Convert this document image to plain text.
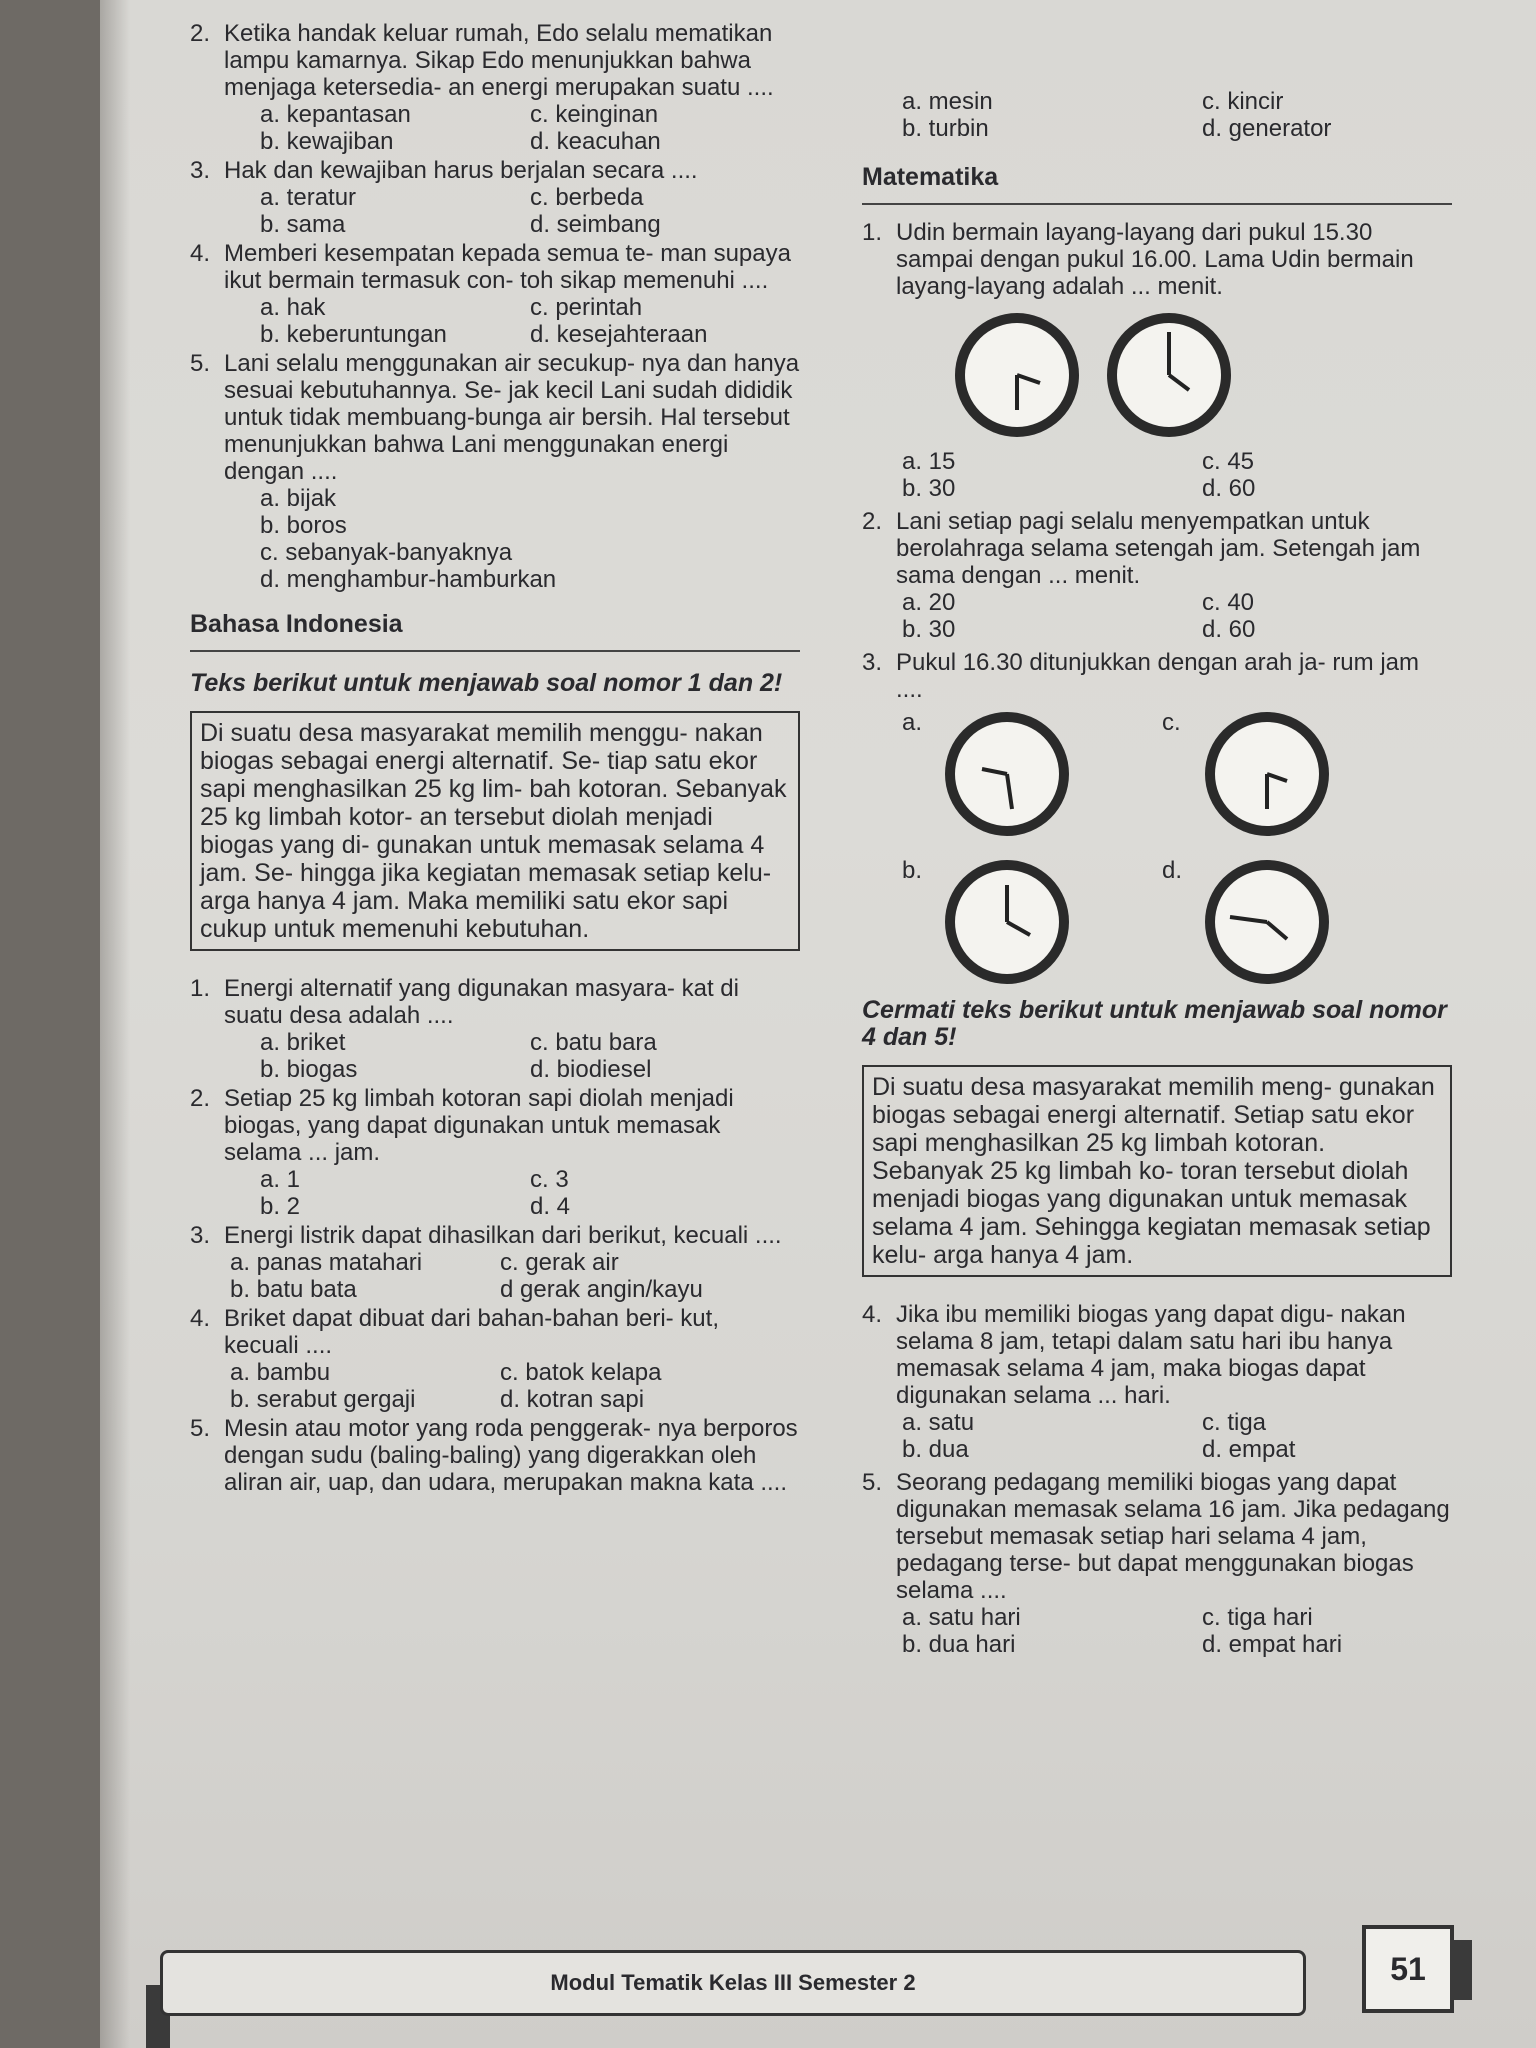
2. Ketika handak keluar rumah, Edo selalu mematikan lampu kamarnya. Sikap Edo menunjukkan bahwa menjaga ketersedia- an energi merupakan suatu ....
a. kepantasan	c. keinginan
b. kewajiban	d. keacuhan
3. Hak dan kewajiban harus berjalan secara ....
a. teratur	c. berbeda
b. sama	d. seimbang
4. Memberi kesempatan kepada semua te- man supaya ikut bermain termasuk con- toh sikap memenuhi ....
a. hak	c. perintah
b. keberuntungan	d. kesejahteraan
5. Lani selalu menggunakan air secukup- nya dan hanya sesuai kebutuhannya. Se- jak kecil Lani sudah dididik untuk tidak membuang-bunga air bersih. Hal tersebut menunjukkan bahwa Lani menggunakan energi dengan ....
a. bijak
b. boros
c. sebanyak-banyaknya
d. menghambur-hamburkan
Bahasa Indonesia
Teks berikut untuk menjawab soal nomor 1 dan 2!
Di suatu desa masyarakat memilih menggu- nakan biogas sebagai energi alternatif. Se- tiap satu ekor sapi menghasilkan 25 kg lim- bah kotoran. Sebanyak 25 kg limbah kotor- an tersebut diolah menjadi biogas yang di- gunakan untuk memasak selama 4 jam. Se- hingga jika kegiatan memasak setiap kelu- arga hanya 4 jam. Maka memiliki satu ekor sapi cukup untuk memenuhi kebutuhan.
1. Energi alternatif yang digunakan masyara- kat di suatu desa adalah ....
a. briket	c. batu bara
b. biogas	d. biodiesel
2. Setiap 25 kg limbah kotoran sapi diolah menjadi biogas, yang dapat digunakan untuk memasak selama ... jam.
a. 1	c. 3
b. 2	d. 4
3. Energi listrik dapat dihasilkan dari berikut, kecuali ....
a. panas matahari	c. gerak air
b. batu bata	d gerak angin/kayu
4. Briket dapat dibuat dari bahan-bahan beri- kut, kecuali ....
a. bambu	c. batok kelapa
b. serabut gergaji	d. kotran sapi
5. Mesin atau motor yang roda penggerak- nya berporos dengan sudu (baling-baling) yang digerakkan oleh aliran air, uap, dan udara, merupakan makna kata ....
a. mesin	c. kincir
b. turbin	d. generator
Matematika
1. Udin bermain layang-layang dari pukul 15.30 sampai dengan pukul 16.00. Lama Udin bermain layang-layang adalah ... menit.
a. 15	c. 45
b. 30	d. 60
2. Lani setiap pagi selalu menyempatkan untuk berolahraga selama setengah jam. Setengah jam sama dengan ... menit.
a. 20	c. 40
b. 30	d. 60
3. Pukul 16.30 ditunjukkan dengan arah ja- rum jam ....
a.	c.
b.	d.
Cermati teks berikut untuk menjawab soal nomor 4 dan 5!
Di suatu desa masyarakat memilih meng- gunakan biogas sebagai energi alternatif. Setiap satu ekor sapi menghasilkan 25 kg limbah kotoran. Sebanyak 25 kg limbah ko- toran tersebut diolah menjadi biogas yang digunakan untuk memasak selama 4 jam. Sehingga kegiatan memasak setiap kelu- arga hanya 4 jam.
4. Jika ibu memiliki biogas yang dapat digu- nakan selama 8 jam, tetapi dalam satu hari ibu hanya memasak selama 4 jam, maka biogas dapat digunakan selama ... hari.
a. satu	c. tiga
b. dua	d. empat
5. Seorang pedagang memiliki biogas yang dapat digunakan memasak selama 16 jam. Jika pedagang tersebut memasak setiap hari selama 4 jam, pedagang terse- but dapat menggunakan biogas selama ....
a. satu hari	c. tiga hari
b. dua hari	d. empat hari
Modul Tematik Kelas III Semester 2	51
